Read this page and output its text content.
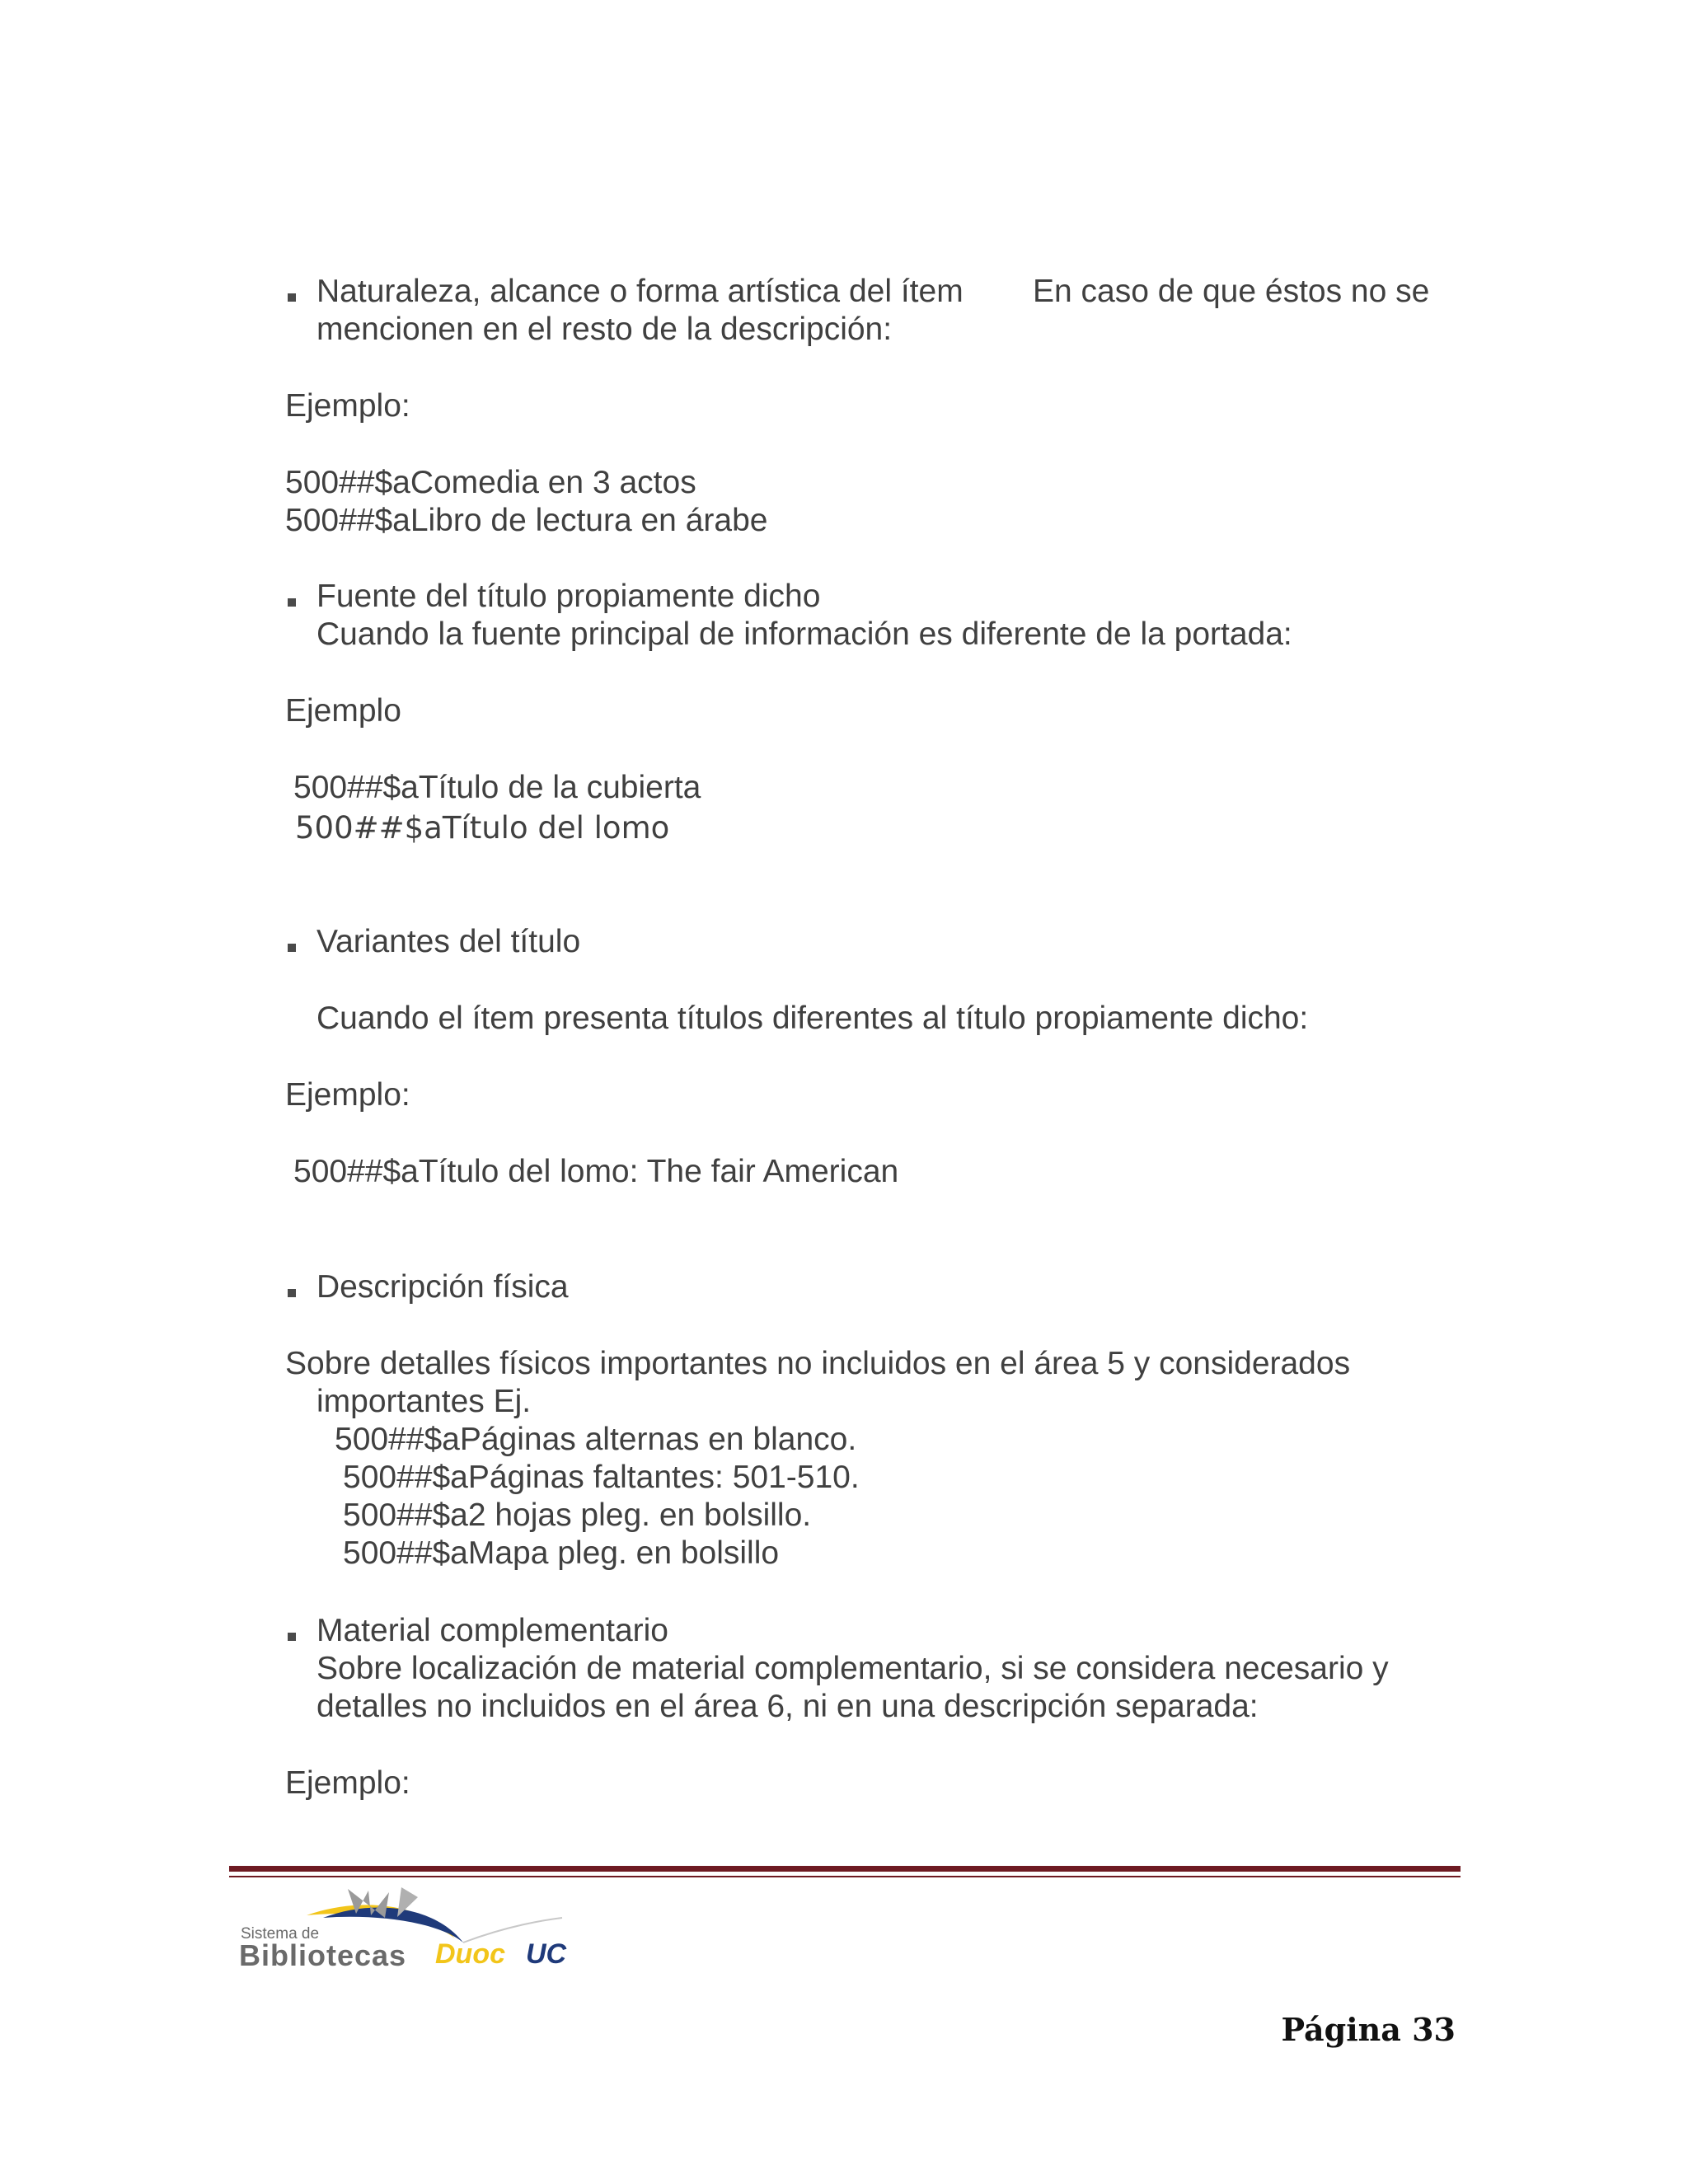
Naturaleza, alcance o forma artística del ítem En caso de que éstos no se
mencionen en el resto de la descripción:
Ejemplo:
500##$aComedia en 3 actos
500##$aLibro de lectura en árabe
Fuente del título propiamente dicho
Cuando la fuente principal de información es diferente de la portada:
Ejemplo
500##$aTítulo de la cubierta
500##$aTítulo del lomo
Variantes del título
Cuando el ítem presenta títulos diferentes al título propiamente dicho:
Ejemplo:
500##$aTítulo del lomo: The fair American
Descripción física
Sobre detalles físicos importantes no incluidos en el área 5 y considerados
importantes Ej.
500##$aPáginas alternas en blanco.
500##$aPáginas faltantes: 501-510.
500##$a2 hojas pleg. en bolsillo.
500##$aMapa pleg. en bolsillo
Material complementario
Sobre localización de material complementario, si se considera necesario y
detalles no incluidos en el área 6, ni en una descripción separada:
Ejemplo:
Sistema de
Bibliotecas Duoc UC
Página 33
